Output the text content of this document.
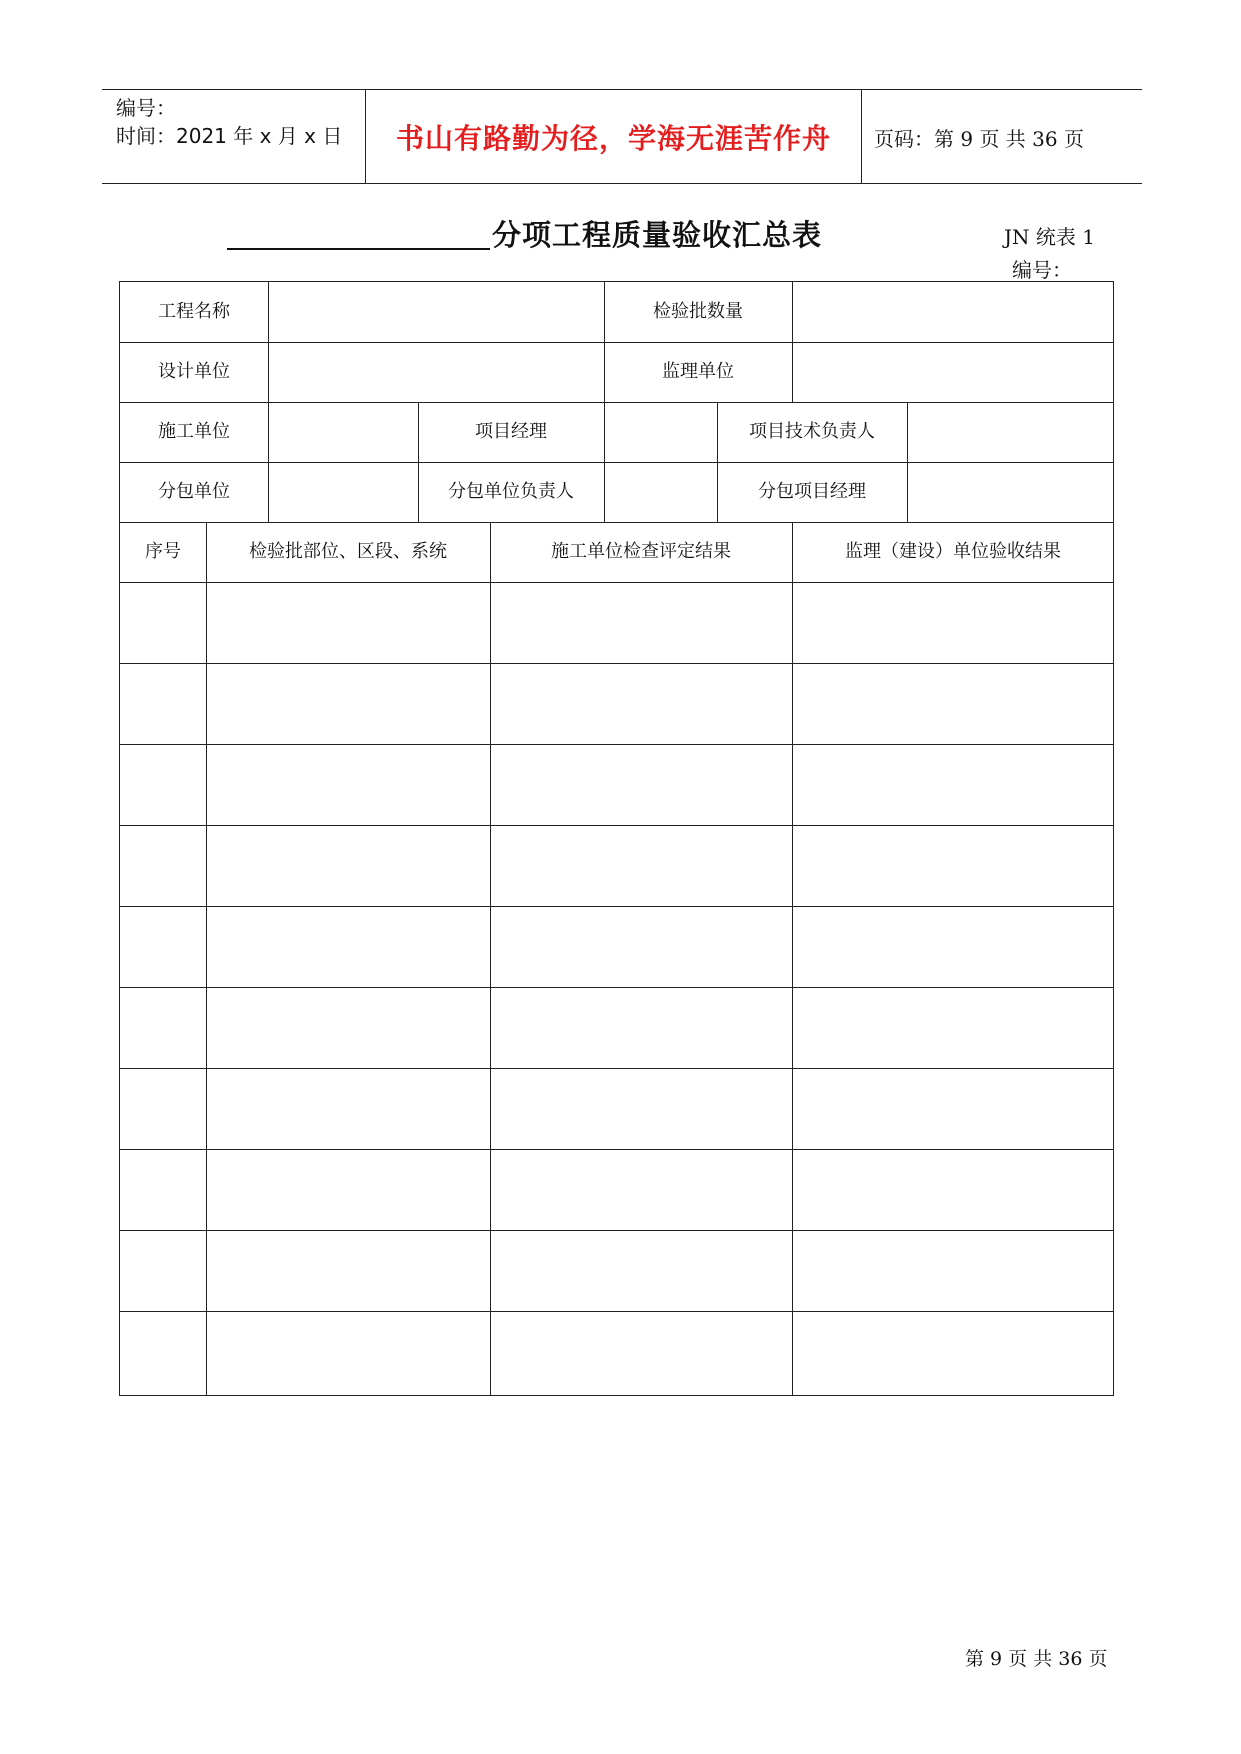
编号：
时间：2021 年 x 月 x 日	书山有路勤为径，学海无涯苦作舟	页码：第 9 页 共 36 页
分项工程质量验收汇总表	JN 统表 1
编号：
工程名称	检验批数量
设计单位	监理单位
施工单位	项目经理	项目技术负责人
分包单位	分包单位负责人	分包项目经理
序号	检验批部位、区段、系统	施工单位检查评定结果	监理（建设）单位验收结果
第 9 页 共 36 页
